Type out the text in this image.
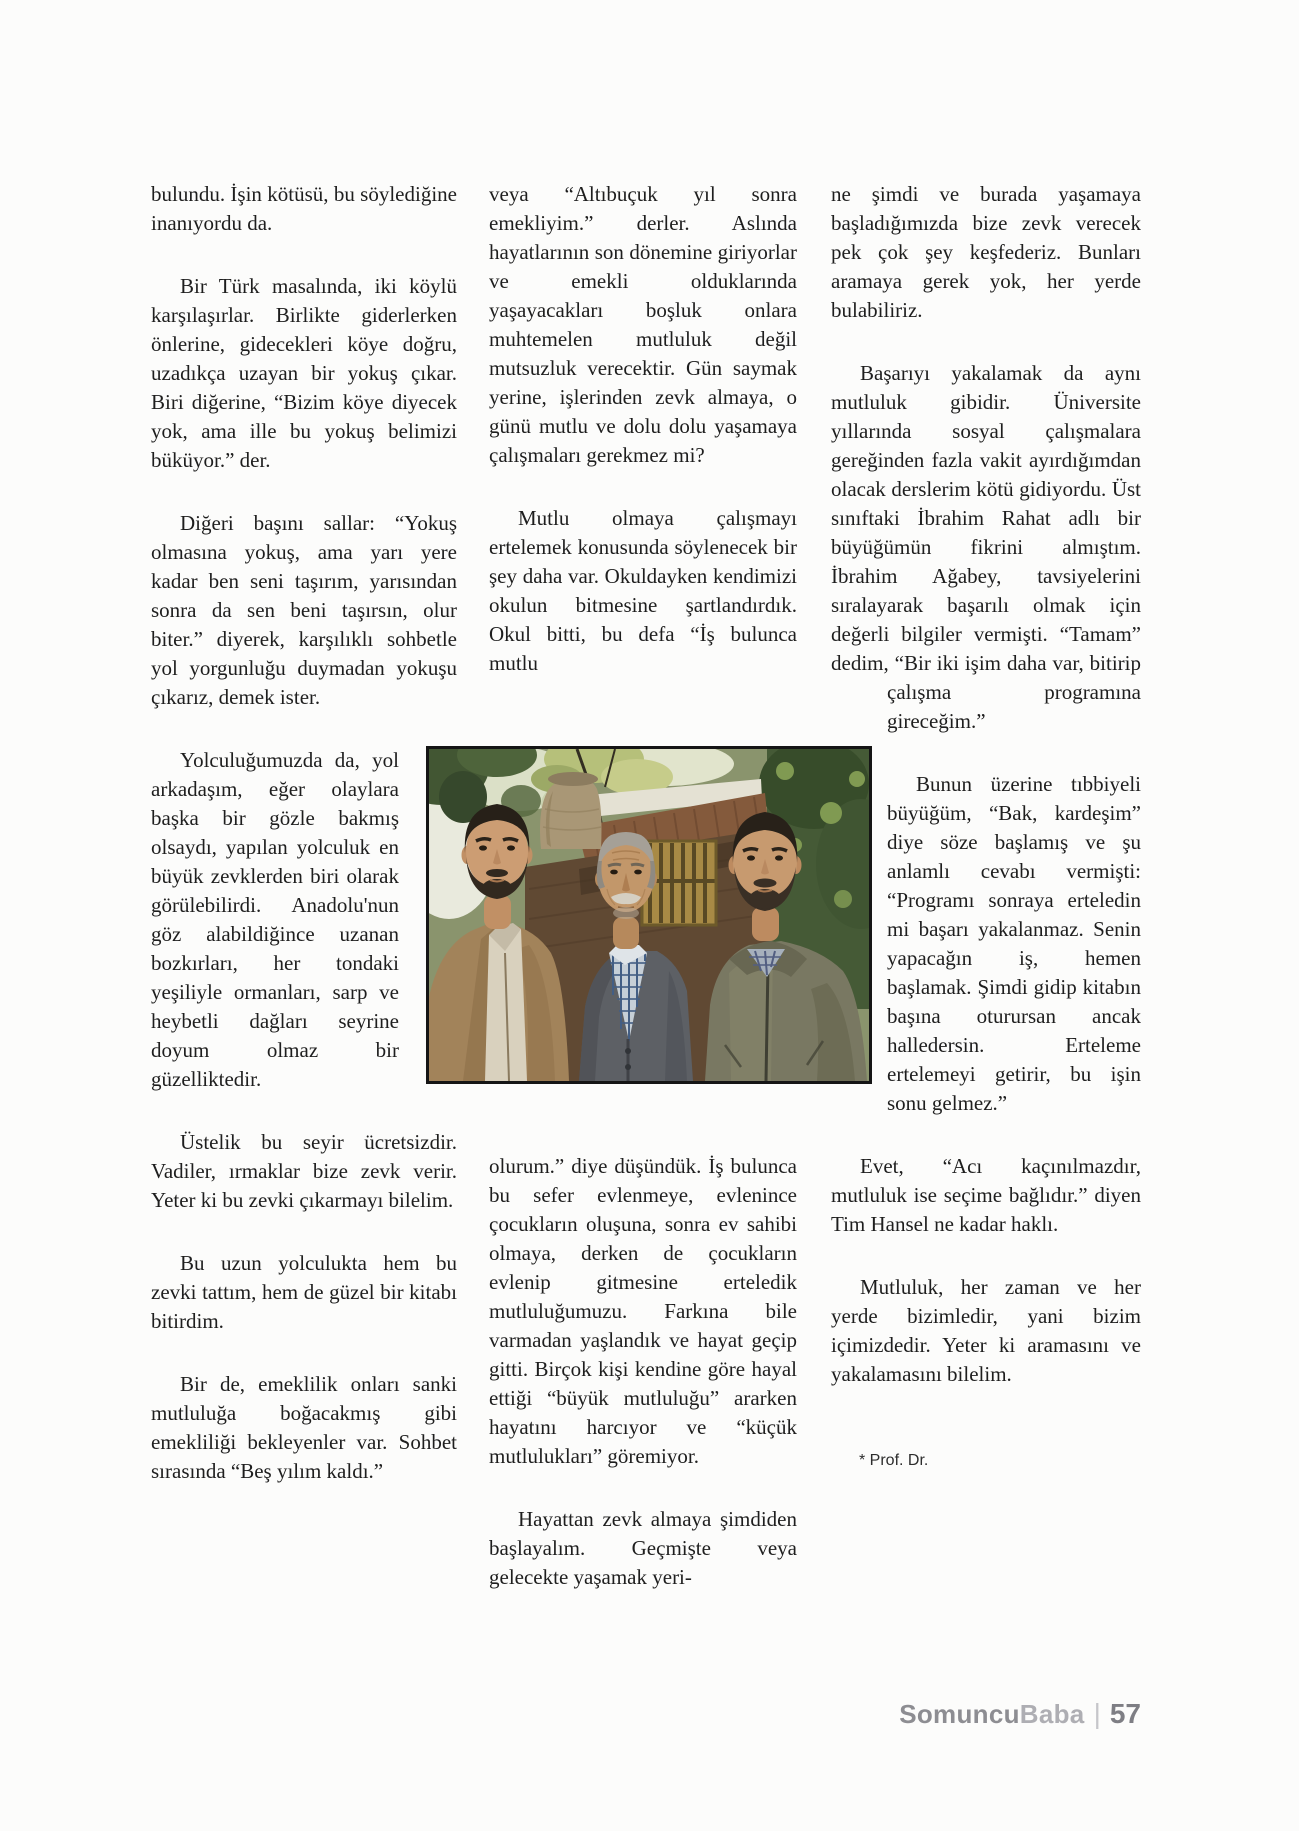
bulundu. İşin kötüsü, bu söylediğine inanıyordu da.

Bir Türk masalında, iki köylü karşılaşırlar. Birlikte giderlerken önlerine, gidecekleri köye doğru, uzadıkça uzayan bir yokuş çıkar. Biri diğerine, “Bizim köye diyecek yok, ama ille bu yokuş belimizi büküyor.” der.

Diğeri başını sallar: “Yokuş olmasına yokuş, ama yarı yere kadar ben seni taşırım, yarısından sonra da sen beni taşırsın, olur biter.” diyerek, karşılıklı sohbetle yol yorgunluğu duymadan yokuşu çıkarız, demek ister.

Yolculuğumuzda da, yol arkadaşım, eğer olaylara başka bir gözle bakmış olsaydı, yapılan yolculuk en büyük zevklerden biri olarak görülebilirdi. Anadolu'nun göz alabildiğince uzanan bozkırları, her tondaki yeşiliyle ormanları, sarp ve heybetli dağları seyrine doyum olmaz bir güzelliktedir.

Üstelik bu seyir ücretsizdir. Vadiler, ırmaklar bize zevk verir. Yeter ki bu zevki çıkarmayı bilelim.

Bu uzun yolculukta hem bu zevki tattım, hem de güzel bir kitabı bitirdim.

Bir de, emeklilik onları sanki mutluluğa boğacakmış gibi emekliliği bekleyenler var. Sohbet sırasında “Beş yılım kaldı.”

veya “Altıbuçuk yıl sonra emekliyim.” derler. Aslında hayatlarının son dönemine giriyorlar ve emekli olduklarında yaşayacakları boşluk onlara muhtemelen mutluluk değil mutsuzluk verecektir. Gün saymak yerine, işlerinden zevk almaya, o günü mutlu ve dolu dolu yaşamaya çalışmaları gerekmez mi?

Mutlu olmaya çalışmayı ertelemek konusunda söylenecek bir şey daha var. Okuldayken kendimizi okulun bitmesine şartlandırdık. Okul bitti, bu defa “İş bulunca mutlu

olurum.” diye düşündük. İş bulunca bu sefer evlenmeye, evlenince çocukların oluşuna, sonra ev sahibi olmaya, derken de çocukların evlenip gitmesine erteledik mutluluğumuzu. Farkına bile varmadan yaşlandık ve hayat geçip gitti. Birçok kişi kendine göre hayal ettiği “büyük mutluluğu” ararken hayatını harcıyor ve “küçük mutlulukları” göremiyor.

Hayattan zevk almaya şimdiden başlayalım. Geçmişte veya gelecekte yaşamak yeri-

ne şimdi ve burada yaşamaya başladığımızda bize zevk verecek pek çok şey keşfederiz. Bunları aramaya gerek yok, her yerde bulabiliriz.

Başarıyı yakalamak da aynı mutluluk gibidir. Üniversite yıllarında sosyal çalışmalara gereğinden fazla vakit ayırdığımdan olacak derslerim kötü gidiyordu. Üst sınıftaki İbrahim Rahat adlı bir büyüğümün fikrini almıştım. İbrahim Ağabey, tavsiyelerini sıralayarak başarılı olmak için değerli bilgiler vermişti. “Tamam” dedim, “Bir iki işim daha var, bitirip çalışma programına gireceğim.”

Bunun üzerine tıbbiyeli büyüğüm, “Bak, kardeşim” diye söze başlamış ve şu anlamlı cevabı vermişti: “Programı sonraya erteledin mi başarı yakalanmaz. Senin yapacağın iş, hemen başlamak. Şimdi gidip kitabın başına oturursan ancak halledersin. Erteleme ertelemeyi getirir, bu işin sonu gelmez.”

Evet, “Acı kaçınılmazdır, mutluluk ise seçime bağlıdır.” diyen Tim Hansel ne kadar haklı.

Mutluluk, her zaman ve her yerde bizimledir, yani bizim içimizdedir. Yeter ki aramasını ve yakalamasını bilelim.

* Prof. Dr.

SomuncuBaba | 57
